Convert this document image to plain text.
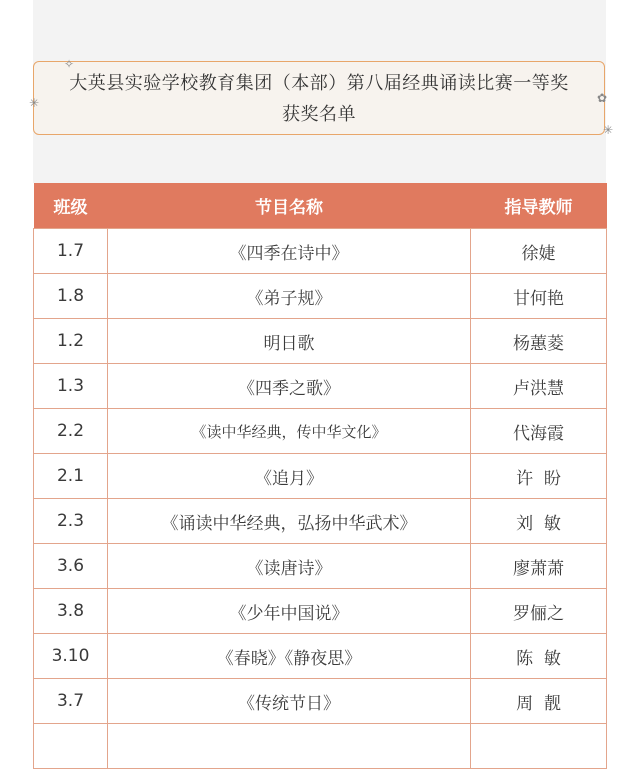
大英县实验学校教育集团（本部）第八届经典诵读比赛一等奖
获奖名单
✧
✳	✿
✳
班级	节目名称	指导教师
1.7	《四季在诗中》	徐婕
1.8	《弟子规》	甘何艳
1.2	明日歌	杨蕙菱
1.3	《四季之歌》	卢洪慧
2.2	《读中华经典，传中华文化》	代海霞
2.1	《追月》	许  盼
2.3	《诵读中华经典，弘扬中华武术》	刘  敏
3.6	《读唐诗》	廖萧萧
3.8	《少年中国说》	罗俪之
3.10	《春晓》《静夜思》	陈  敏
3.7	《传统节日》	周  靓
